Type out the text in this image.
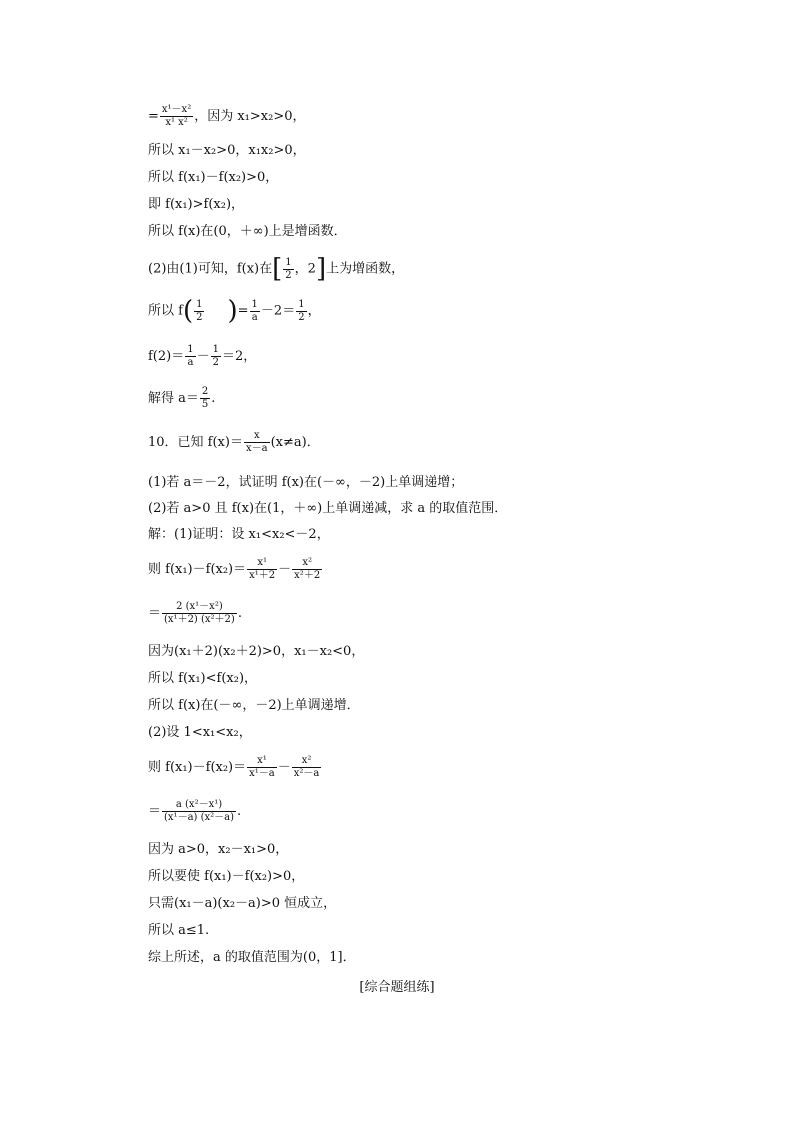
= $\frac{\text{x¹－x²}}{\text{x¹ x²}}$ ，因为 x₁>x₂>0，
所以 x₁－x₂>0，x₁x₂>0，
所以 f(x₁)－f(x₂)>0，
即 f(x₁)>f(x₂)，
所以 f(x)在(0，＋∞)上是增函数．
(2)由(1)可知，f(x)在[ $\frac{1}{2}$ ，2]上为增函数，
所以 $f( \frac{1}{2}$ )= $\frac{1}{a} -2= \frac{1}{2}$ ，
$f(2)= \frac{1}{a} - \frac{1}{2} =2$，
解得 $a= \frac{2}{5}$ .
10．已知 $f(x)= \frac{x}{x-a} (x\ne a)$．
(1)若 a＝－2，试证明 f(x)在(－∞，－2)上单调递增；
(2)若 a>0 且 f(x)在(1，＋∞)上单调递减，求 a 的取值范围．
解：(1)证明：设 x₁<x₂<－2，
则 $f(x_1)-f(x_2)= \frac{\text{x¹}}{\text{x¹＋2}} - \frac{\text{x²}}{\text{x²＋2}}$
＝ $\frac{\text{2 (x¹－x²)}}{\text{(x¹＋2) (x²＋2)}}$ .
因为(x₁＋2)(x₂＋2)>0，x₁－x₂<0，
所以 f(x₁)<f(x₂)，
所以 f(x)在(－∞，－2)上单调递增．
(2)设 1<x₁<x₂，
则 $f(x_1)-f(x_2)= \frac{\text{x¹}}{\text{x¹－a}} - \frac{\text{x²}}{\text{x²－a}}$
＝ $\frac{\text{a (x²－x¹)}}{\text{(x¹－a) (x²－a)}}$ .
因为 a>0，x₂－x₁>0，
所以要使 f(x₁)－f(x₂)>0，
只需(x₁－a)(x₂－a)>0 恒成立，
所以 a≤1.
综上所述，a 的取值范围为(0，1]．
[综合题组练]
